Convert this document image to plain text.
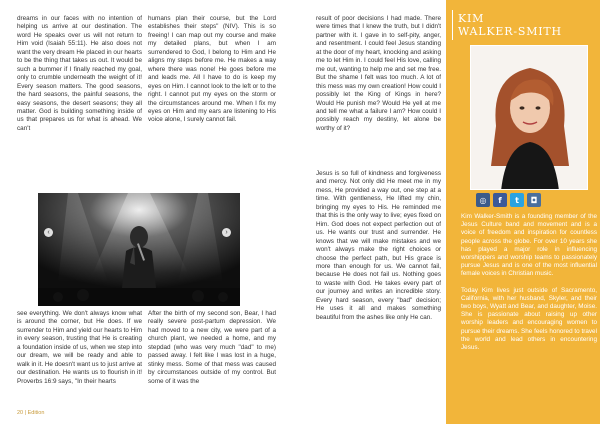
dreams in our faces with no intention of helping us arrive at our destination. The word He speaks over us will not return to Him void (Isaiah 55:11). He also does not want the very dream He placed in our hearts to be the thing that takes us out. It would be such a bummer if I finally reached my goal, only to crumble underneath the weight of it! Every season matters. The good seasons, the hard seasons, the painful seasons, the easy seasons, the desert seasons; they all matter. God is building something inside of us that prepares us for what is ahead. We can't

humans plan their course, but the Lord establishes their steps" (NIV). This is so freeing! I can map out my course and make my detailed plans, but when I am surrendered to God, I belong to Him and He aligns my steps before me. He makes a way where there was none! He goes before me and leads me. All I have to do is keep my eyes on Him. I cannot look to the left or to the right. I cannot put my eyes on the storm or the circumstances around me. When I fix my eyes on Him and my ears are listening to His voice alone, I surely cannot fail.

result of poor decisions I had made. There were times that I knew the truth, but I didn't partner with it. I gave in to self-pity, anger, and resentment. I could feel Jesus standing at the door of my heart, knocking and asking me to let Him in. I could feel His love, calling me out, wanting to help me and set me free. But the shame I felt was too much. A lot of this mess was my own creation! How could I possibly let the King of Kings in here? Would He punish me? Would He yell at me and tell me what a failure I am? How could I possibly reach my destiny, let alone be worthy of it?

Jesus is so full of kindness and forgiveness and mercy. Not only did He meet me in my mess, He provided a way out, one step at a time. With gentleness, He lifted my chin, bringing my eyes to His. He reminded me that this is the only way to live; eyes fixed on Him. God does not expect perfection out of us. He wants our trust and surrender. He knows that we will make mistakes and we won't always make the right choices or choose the perfect path, but His grace is more than enough for us. We cannot fail, because He does not fail us. Nothing goes to waste with God. He takes every part of our journey and writes an incredible story. Every hard season, every "bad" decision; He uses it all and makes something beautiful from the ashes like only He can.

‹	›

see everything. We don't always know what is around the corner, but He does. If we surrender to Him and yield our hearts to Him in every season, trusting that He is creating a foundation inside of us, when we step into our dream, we will be ready and able to walk in it. He doesn't want us to just arrive at our destination. He wants us to flourish in it! Proverbs 16:9 says, "In their hearts

After the birth of my second son, Bear, I had really severe post-partum depression. We had moved to a new city, we were part of a church plant, we needed a home, and my stepdad (who was very much "dad" to me) passed away. I felt like I was lost in a huge, stinky mess. Some of that mess was caused by circumstances outside of my control. But some of it was the

KIM
WALKER-SMITH
◎	f	t	◘

Kim Walker-Smith is a founding member of the Jesus Culture band and movement and is a voice of freedom and inspiration for countless people across the globe. For over 10 years she has played a major role in influencing worshippers and worship teams to passionately pursue Jesus and is one of the most influential female voices in Christian music.

Today Kim lives just outside of Sacramento, California, with her husband, Skyler, and their two boys, Wyatt and Bear, and daughter, Moise. She is passionate about raising up other worship leaders and encouraging women to pursue their dreams. She feels honored to travel the world and lead others in encountering Jesus.

20 | Edition
